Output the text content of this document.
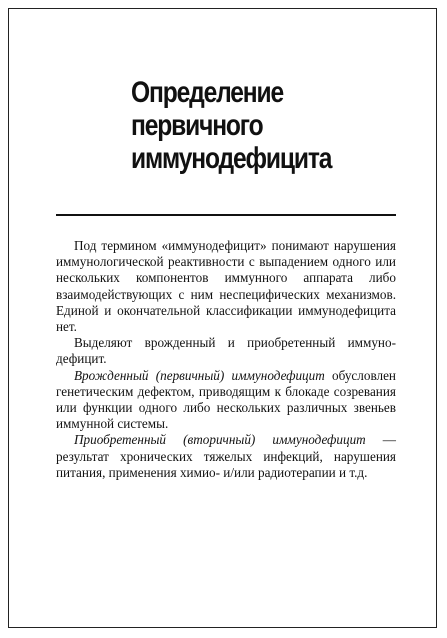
Определение
первичного
иммунодефицита

Под термином «иммунодефицит» понимают нарушения иммунологической реактивности с выпадением одного или нескольких компонентов иммунного аппарата либо взаимодействующих с ним неспецифических механизмов. Единой и окончательной классификации иммунодефицита нет.

Выделяют врожденный и приобретенный иммунодефицит.

Врожденный (первичный) иммунодефицит обусловлен генетическим дефектом, приводящим к блокаде созревания или функции одного либо нескольких различных звеньев иммунной системы.

Приобретенный (вторичный) иммунодефицит — результат хронических тяжелых инфекций, нарушения питания, применения химио- и/или радиотерапии и т.д.
